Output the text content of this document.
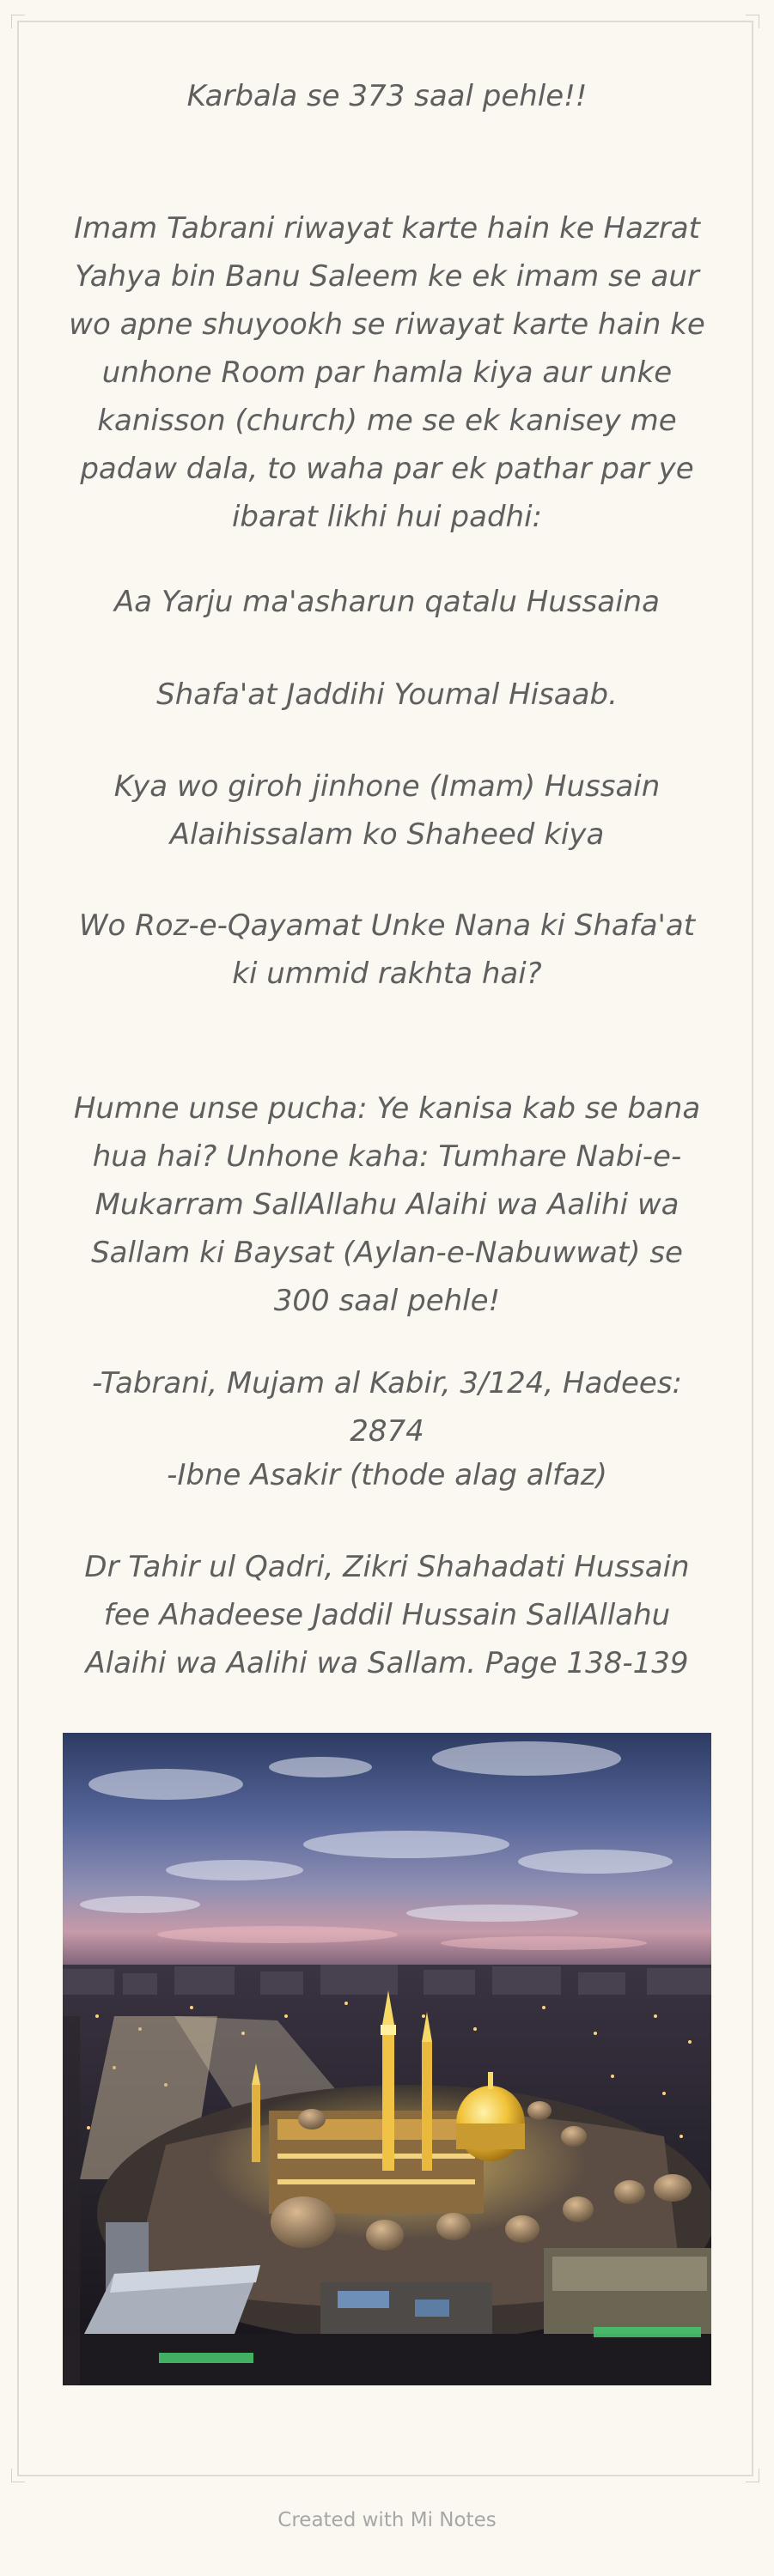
Karbala se 373 saal pehle!!

Imam Tabrani riwayat karte hain ke Hazrat Yahya bin Banu Saleem ke ek imam se aur wo apne shuyookh se riwayat karte hain ke unhone Room par hamla kiya aur unke kanisson (church) me se ek kanisey me padaw dala, to waha par ek pathar par ye ibarat likhi hui padhi:

Aa Yarju ma'asharun qatalu Hussaina

Shafa'at Jaddihi Youmal Hisaab.

Kya wo giroh jinhone (Imam) Hussain Alaihissalam ko Shaheed kiya

Wo Roz-e-Qayamat Unke Nana ki Shafa'at ki ummid rakhta hai?

Humne unse pucha: Ye kanisa kab se bana hua hai? Unhone kaha: Tumhare Nabi-e-Mukarram SallAllahu Alaihi wa Aalihi wa Sallam ki Baysat (Aylan-e-Nabuwwat) se 300 saal pehle!

-Tabrani, Mujam al Kabir, 3/124, Hadees: 2874

-Ibne Asakir (thode alag alfaz)

Dr Tahir ul Qadri, Zikri Shahadati Hussain fee Ahadeese Jaddil Hussain SallAllahu Alaihi wa Aalihi wa Sallam. Page 138-139

Created with Mi Notes
